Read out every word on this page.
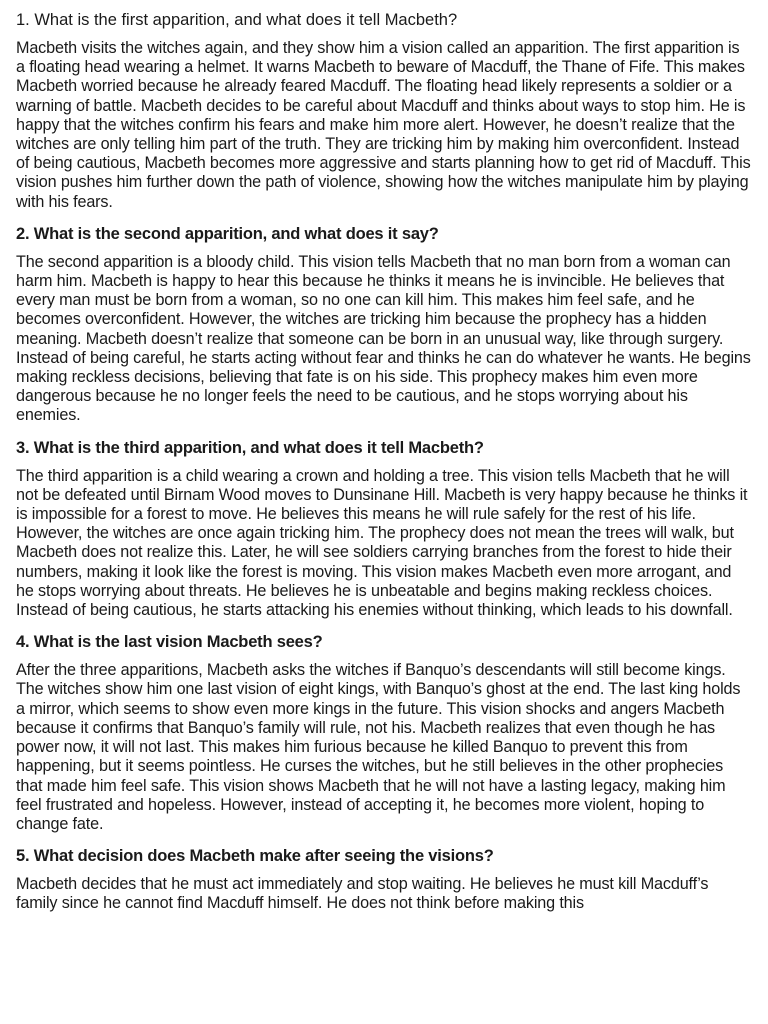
1. What is the first apparition, and what does it tell Macbeth?

Macbeth visits the witches again, and they show him a vision called an apparition. The first apparition is a floating head wearing a helmet. It warns Macbeth to beware of Macduff, the Thane of Fife. This makes Macbeth worried because he already feared Macduff. The floating head likely represents a soldier or a warning of battle. Macbeth decides to be careful about Macduff and thinks about ways to stop him. He is happy that the witches confirm his fears and make him more alert. However, he doesn’t realize that the witches are only telling him part of the truth. They are tricking him by making him overconfident. Instead of being cautious, Macbeth becomes more aggressive and starts planning how to get rid of Macduff. This vision pushes him further down the path of violence, showing how the witches manipulate him by playing with his fears.

2. What is the second apparition, and what does it say?

The second apparition is a bloody child. This vision tells Macbeth that no man born from a woman can harm him. Macbeth is happy to hear this because he thinks it means he is invincible. He believes that every man must be born from a woman, so no one can kill him. This makes him feel safe, and he becomes overconfident. However, the witches are tricking him because the prophecy has a hidden meaning. Macbeth doesn’t realize that someone can be born in an unusual way, like through surgery. Instead of being careful, he starts acting without fear and thinks he can do whatever he wants. He begins making reckless decisions, believing that fate is on his side. This prophecy makes him even more dangerous because he no longer feels the need to be cautious, and he stops worrying about his enemies.

3. What is the third apparition, and what does it tell Macbeth?

The third apparition is a child wearing a crown and holding a tree. This vision tells Macbeth that he will not be defeated until Birnam Wood moves to Dunsinane Hill. Macbeth is very happy because he thinks it is impossible for a forest to move. He believes this means he will rule safely for the rest of his life. However, the witches are once again tricking him. The prophecy does not mean the trees will walk, but Macbeth does not realize this. Later, he will see soldiers carrying branches from the forest to hide their numbers, making it look like the forest is moving. This vision makes Macbeth even more arrogant, and he stops worrying about threats. He believes he is unbeatable and begins making reckless choices. Instead of being cautious, he starts attacking his enemies without thinking, which leads to his downfall.

4. What is the last vision Macbeth sees?

After the three apparitions, Macbeth asks the witches if Banquo’s descendants will still become kings. The witches show him one last vision of eight kings, with Banquo’s ghost at the end. The last king holds a mirror, which seems to show even more kings in the future. This vision shocks and angers Macbeth because it confirms that Banquo’s family will rule, not his. Macbeth realizes that even though he has power now, it will not last. This makes him furious because he killed Banquo to prevent this from happening, but it seems pointless. He curses the witches, but he still believes in the other prophecies that made him feel safe. This vision shows Macbeth that he will not have a lasting legacy, making him feel frustrated and hopeless. However, instead of accepting it, he becomes more violent, hoping to change fate.

5. What decision does Macbeth make after seeing the visions?

Macbeth decides that he must act immediately and stop waiting. He believes he must kill Macduff’s family since he cannot find Macduff himself. He does not think before making this
